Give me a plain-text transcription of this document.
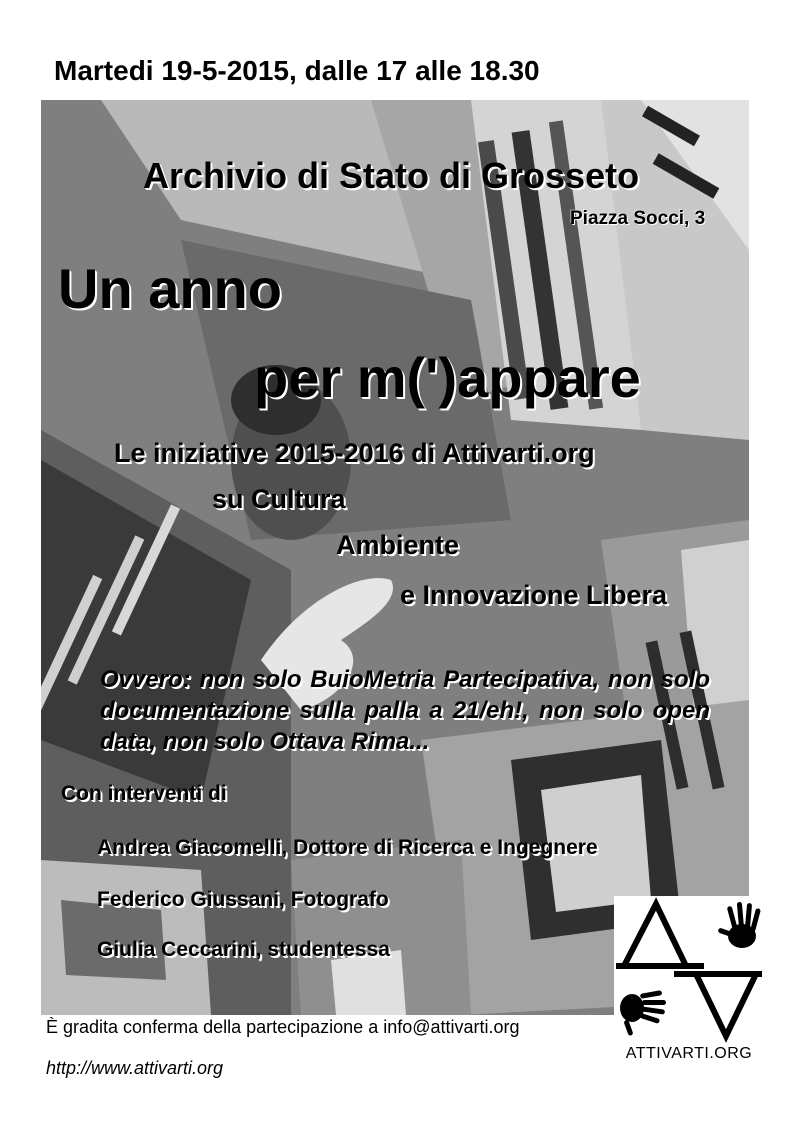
Martedi 19-5-2015, dalle 17 alle 18.30
Archivio di Stato di Grosseto
Piazza Socci, 3
Un anno
per m(')appare
Le iniziative 2015-2016 di Attivarti.org
su Cultura
Ambiente
e Innovazione Libera
Ovvero: non solo BuioMetria Partecipativa, non solo documentazione sulla palla a 21/eh!, non solo open data, non solo Ottava Rima...
Con interventi di
Andrea Giacomelli, Dottore di Ricerca e Ingegnere
Federico Giussani, Fotografo
Giulia Ceccarini, studentessa
È gradita conferma della partecipazione a info@attivarti.org
http://www.attivarti.org
ATTIVARTI.ORG
